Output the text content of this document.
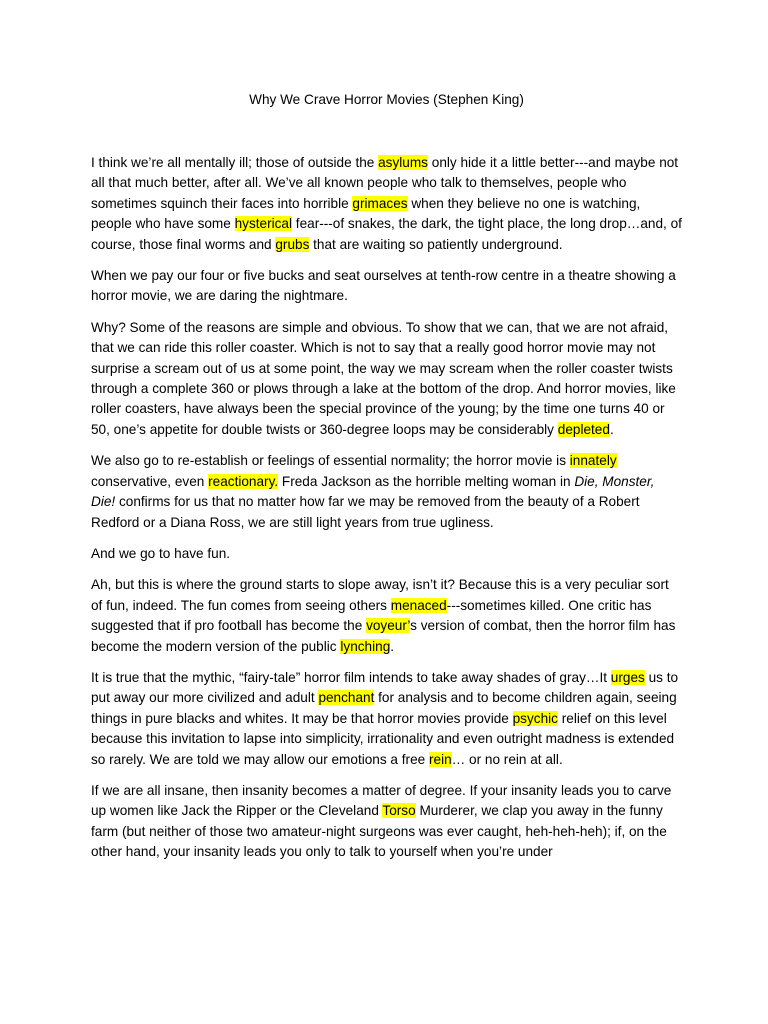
Why We Crave Horror Movies (Stephen King)

I think we’re all mentally ill; those of outside the asylums only hide it a little better---and maybe not all that much better, after all. We’ve all known people who talk to themselves, people who sometimes squinch their faces into horrible grimaces when they believe no one is watching, people who have some hysterical fear---of snakes, the dark, the tight place, the long drop…and, of course, those final worms and grubs that are waiting so patiently underground.

When we pay our four or five bucks and seat ourselves at tenth-row centre in a theatre showing a horror movie, we are daring the nightmare.

Why? Some of the reasons are simple and obvious. To show that we can, that we are not afraid, that we can ride this roller coaster. Which is not to say that a really good horror movie may not surprise a scream out of us at some point, the way we may scream when the roller coaster twists through a complete 360 or plows through a lake at the bottom of the drop. And horror movies, like roller coasters, have always been the special province of the young; by the time one turns 40 or 50, one’s appetite for double twists or 360-degree loops may be considerably depleted.

We also go to re-establish or feelings of essential normality; the horror movie is innately conservative, even reactionary. Freda Jackson as the horrible melting woman in Die, Monster, Die! confirms for us that no matter how far we may be removed from the beauty of a Robert Redford or a Diana Ross, we are still light years from true ugliness.

And we go to have fun.

Ah, but this is where the ground starts to slope away, isn’t it? Because this is a very peculiar sort of fun, indeed. The fun comes from seeing others menaced---sometimes killed. One critic has suggested that if pro football has become the voyeur’s version of combat, then the horror film has become the modern version of the public lynching.

It is true that the mythic, “fairy-tale” horror film intends to take away shades of gray…It urges us to put away our more civilized and adult penchant for analysis and to become children again, seeing things in pure blacks and whites. It may be that horror movies provide psychic relief on this level because this invitation to lapse into simplicity, irrationality and even outright madness is extended so rarely. We are told we may allow our emotions a free rein… or no rein at all.

If we are all insane, then insanity becomes a matter of degree. If your insanity leads you to carve up women like Jack the Ripper or the Cleveland Torso Murderer, we clap you away in the funny farm (but neither of those two amateur-night surgeons was ever caught, heh-heh-heh); if, on the other hand, your insanity leads you only to talk to yourself when you’re under
